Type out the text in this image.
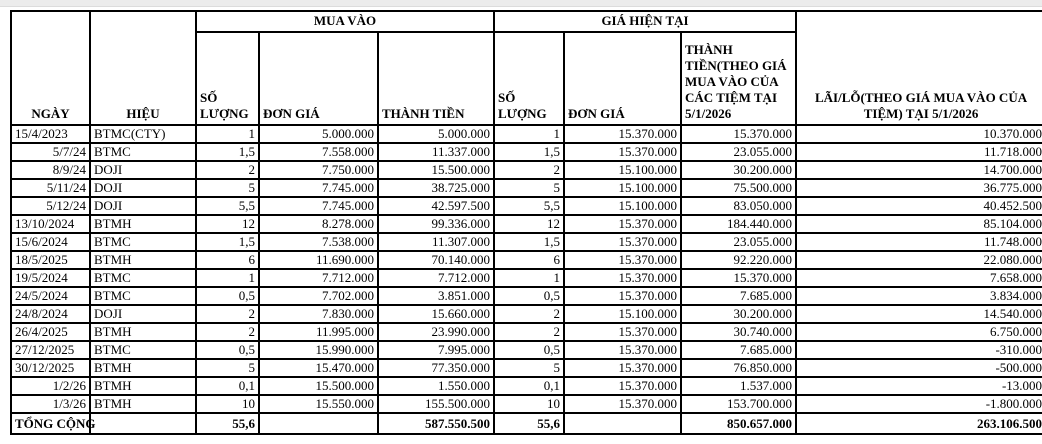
NGÀY	HIỆU	MUA VÀO			GIÁ HIỆN TẠI			LÃI/LỖ(THEO GIÁ MUA VÀO CỦA TIỆM) TẠI 5/1/2026
		SỐ LƯỢNG	ĐƠN GIÁ	THÀNH TIỀN	SỐ LƯỢNG	ĐƠN GIÁ	THÀNH TIỀN(THEO GIÁ MUA VÀO CỦA CÁC TIỆM TẠI 5/1/2026	
15/4/2023	BTMC(CTY)	1	5.000.000	5.000.000	1	15.370.000	15.370.000	10.370.000
5/7/24	BTMC	1,5	7.558.000	11.337.000	1,5	15.370.000	23.055.000	11.718.000
8/9/24	DOJI	2	7.750.000	15.500.000	2	15.100.000	30.200.000	14.700.000
5/11/24	DOJI	5	7.745.000	38.725.000	5	15.100.000	75.500.000	36.775.000
5/12/24	DOJI	5,5	7.745.000	42.597.500	5,5	15.100.000	83.050.000	40.452.500
13/10/2024	BTMH	12	8.278.000	99.336.000	12	15.370.000	184.440.000	85.104.000
15/6/2024	BTMC	1,5	7.538.000	11.307.000	1,5	15.370.000	23.055.000	11.748.000
18/5/2025	BTMH	6	11.690.000	70.140.000	6	15.370.000	92.220.000	22.080.000
19/5/2024	BTMC	1	7.712.000	7.712.000	1	15.370.000	15.370.000	7.658.000
24/5/2024	BTMC	0,5	7.702.000	3.851.000	0,5	15.370.000	7.685.000	3.834.000
24/8/2024	DOJI	2	7.830.000	15.660.000	2	15.100.000	30.200.000	14.540.000
26/4/2025	BTMH	2	11.995.000	23.990.000	2	15.370.000	30.740.000	6.750.000
27/12/2025	BTMC	0,5	15.990.000	7.995.000	0,5	15.370.000	7.685.000	-310.000
30/12/2025	BTMH	5	15.470.000	77.350.000	5	15.370.000	76.850.000	-500.000
1/2/26	BTMH	0,1	15.500.000	1.550.000	0,1	15.370.000	1.537.000	-13.000
1/3/26	BTMH	10	15.550.000	155.500.000	10	15.370.000	153.700.000	-1.800.000
TỔNG CỘNG		55,6		587.550.500	55,6		850.657.000	263.106.500
